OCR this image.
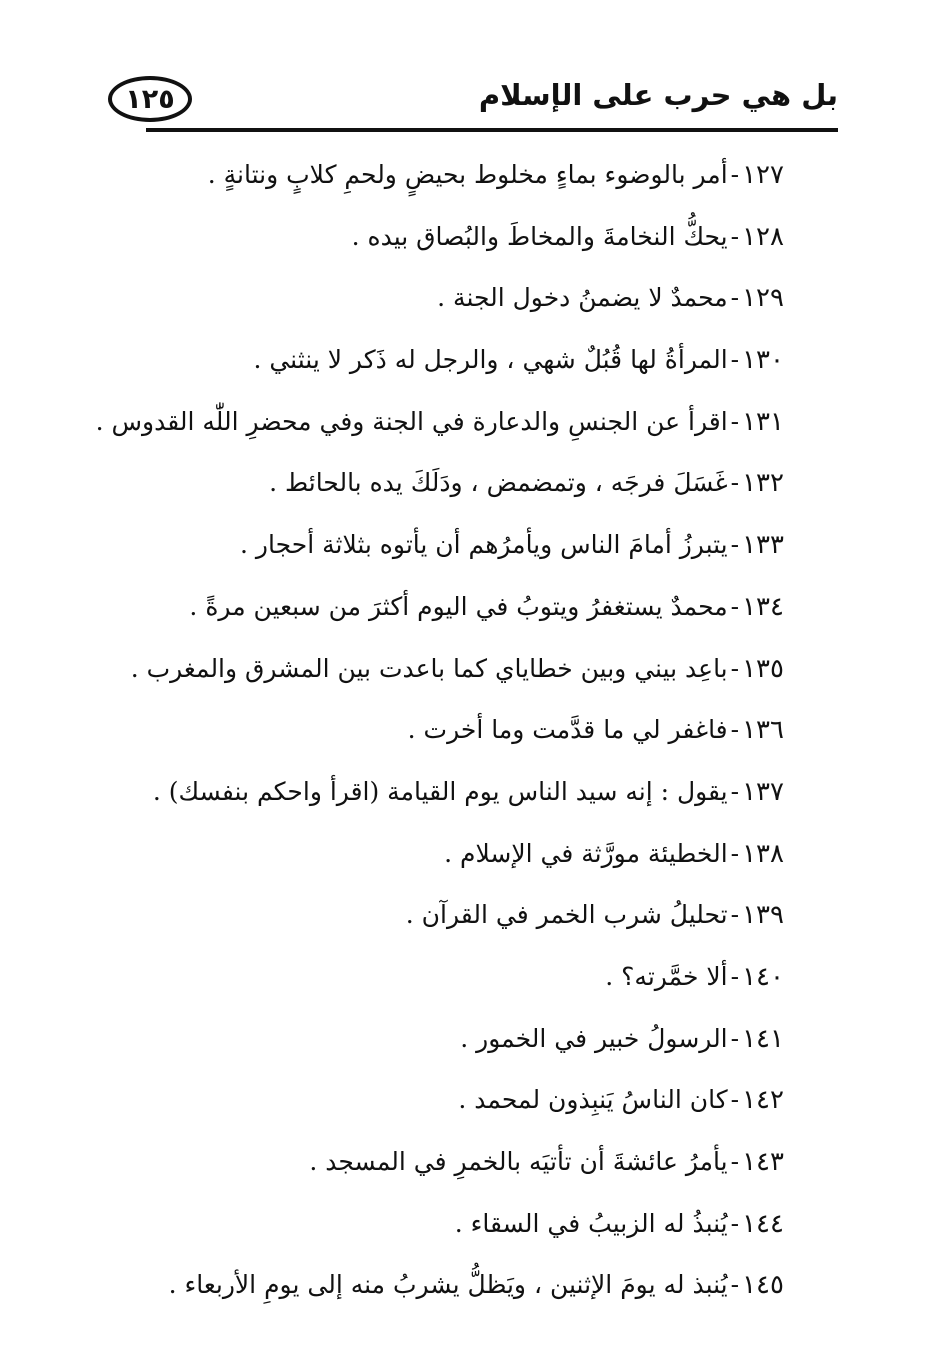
١٢٥	بل هي حرب على الإسلام
١٢٧-أمر بالوضوء بماءٍ مخلوط بحيضٍ ولحمِ كلابٍ ونتانةٍ .
١٢٨-يحكُّ النخامةَ والمخاطَ والبُصاق بيده .
١٢٩-محمدٌ لا يضمنُ دخول الجنة .
١٣٠-المرأةُ لها قُبُلٌ شهي ، والرجل له ذَكر لا ينثني .
١٣١-اقرأ عن الجنسِ والدعارة في الجنة وفي محضرِ اللّٰه القدوس .
١٣٢-غَسَلَ فرجَه ، وتمضمض ، ودَلَكَ يده بالحائط .
١٣٣-يتبرزُ أمامَ الناس ويأمرُهم أن يأتوه بثلاثة أحجار .
١٣٤-محمدٌ يستغفرُ ويتوبُ في اليوم أكثرَ من سبعين مرةً .
١٣٥-باعِد بيني وبين خطاياي كما باعدت بين المشرق والمغرب .
١٣٦-فاغفر لي ما قدَّمت وما أخرت .
١٣٧-يقول : إنه سيد الناس يوم القيامة (اقرأ واحكم بنفسك) .
١٣٨-الخطيئة مورَّثة في الإسلام .
١٣٩-تحليلُ شرب الخمر في القرآن .
١٤٠-ألا خمَّرته؟ .
١٤١-الرسولُ خبير في الخمور .
١٤٢-كان الناسُ يَنبِذون لمحمد .
١٤٣-يأمرُ عائشةَ أن تأتيَه بالخمرِ في المسجد .
١٤٤-يُنبذُ له الزبيبُ في السقاء .
١٤٥-يُنبذ له يومَ الإثنين ، ويَظلُّ يشربُ منه إلى يومِ الأربعاء .
